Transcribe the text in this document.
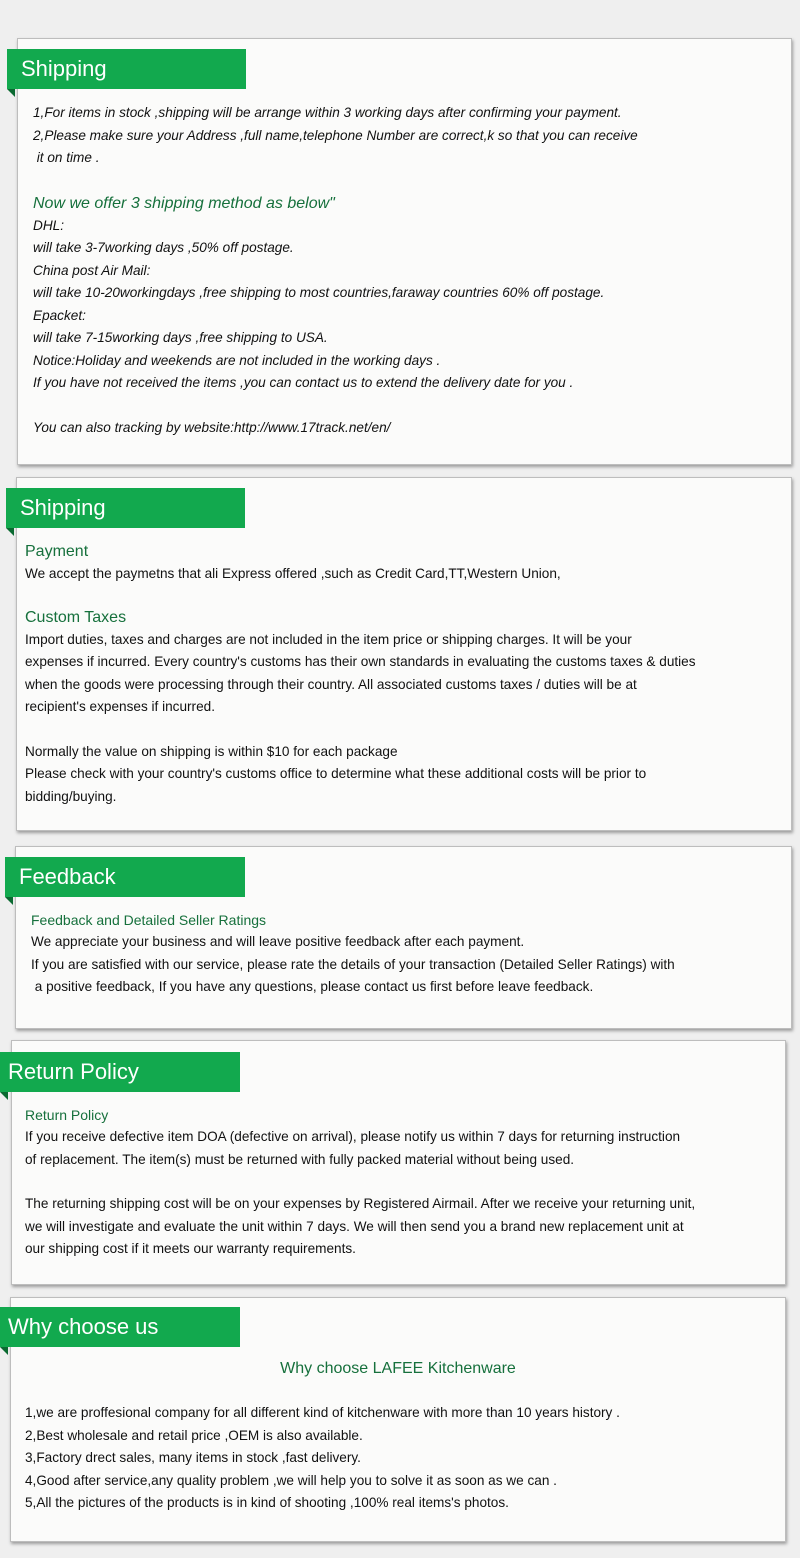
Shipping

1,For items in stock ,shipping will be arrange within 3 working days after confirming your payment.

2,Please make sure your Address ,full name,telephone Number are correct,k so that you can receive

it on time .

Now we offer 3 shipping method as below"

DHL:

will take 3-7working days ,50% off postage.

China post Air Mail:

will take 10-20workingdays ,free shipping to most countries,faraway countries 60% off postage.

Epacket:

will take 7-15working days ,free shipping to USA.

Notice:Holiday and weekends are not included in the working days .

If you have not received the items ,you can contact us to extend the delivery date for you .

You can also tracking by website:http://www.17track.net/en/

Shipping

Payment

We accept the paymetns that ali Express offered ,such as Credit Card,TT,Western Union,

Custom Taxes

Import duties, taxes and charges are not included in the item price or shipping charges. It will be your

expenses if incurred. Every country's customs has their own standards in evaluating the customs taxes & duties

when the goods were processing through their country. All associated customs taxes / duties will be at

recipient's expenses if incurred.

Normally the value on shipping is within $10 for each package

Please check with your country's customs office to determine what these additional costs will be prior to

bidding/buying.

Feedback

Feedback and Detailed Seller Ratings

We appreciate your business and will leave positive feedback after each payment.

If you are satisfied with our service, please rate the details of your transaction (Detailed Seller Ratings) with

a positive feedback, If you have any questions, please contact us first before leave feedback.

Return Policy

Return Policy

If you receive defective item DOA (defective on arrival), please notify us within 7 days for returning instruction

of replacement. The item(s) must be returned with fully packed material without being used.

The returning shipping cost will be on your expenses by Registered Airmail. After we receive your returning unit,

we will investigate and evaluate the unit within 7 days. We will then send you a brand new replacement unit at

our shipping cost if it meets our warranty requirements.

Why choose us

Why choose LAFEE Kitchenware

1,we are proffesional company for all different kind of kitchenware with more than 10 years history .

2,Best wholesale and retail price ,OEM is also available.

3,Factory drect sales, many items in stock ,fast delivery.

4,Good after service,any quality problem ,we will help you to solve it as soon as we can .

5,All the pictures of the products is in kind of shooting ,100% real items's photos.
